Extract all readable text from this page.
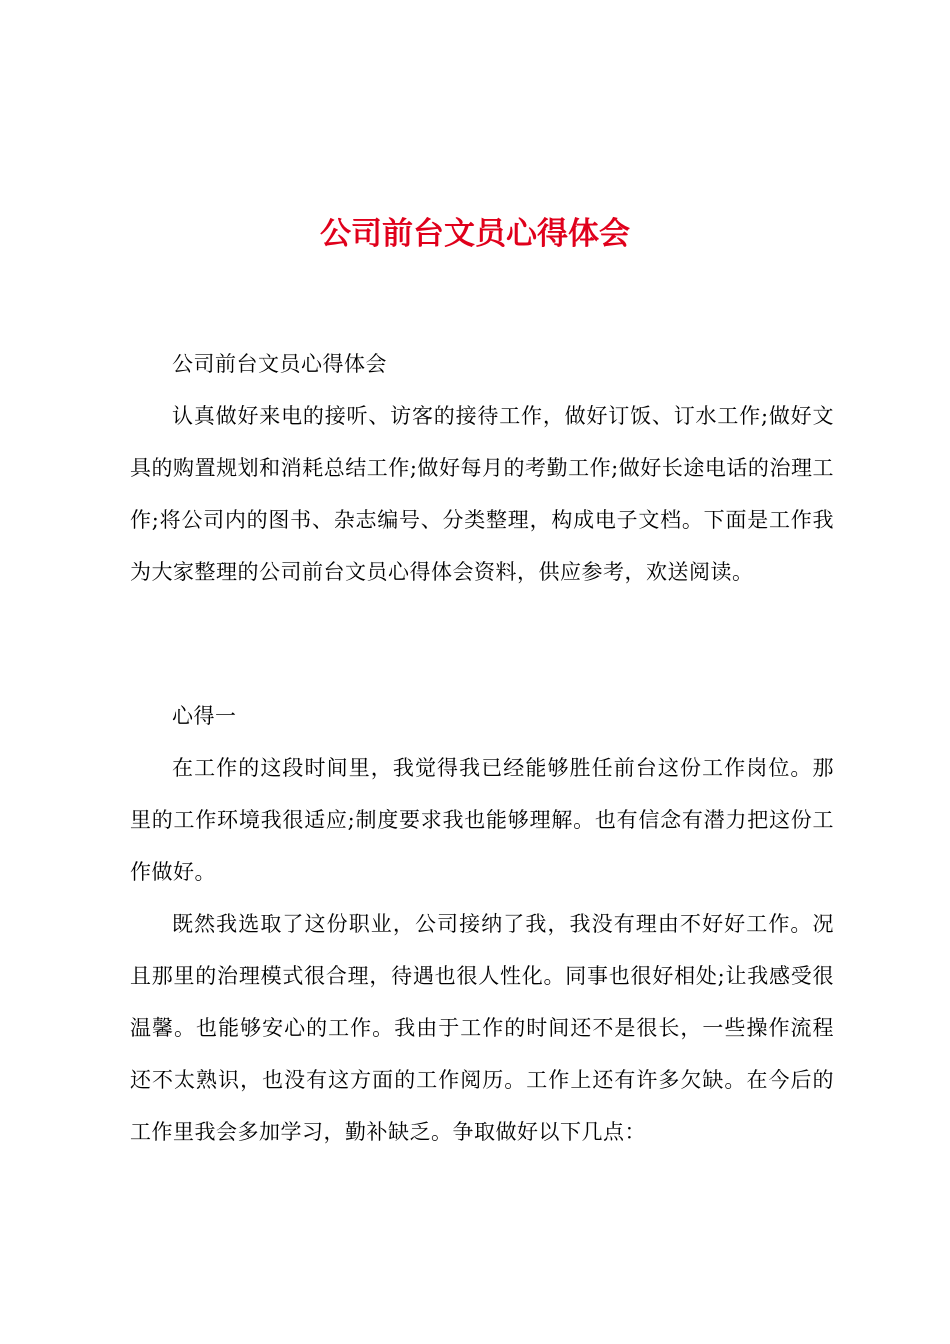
公司前台文员心得体会

公司前台文员心得体会

认真做好来电的接听、访客的接待工作，做好订饭、订水工作;做好文具的购置规划和消耗总结工作;做好每月的考勤工作;做好长途电话的治理工作;将公司内的图书、杂志编号、分类整理，构成电子文档。下面是工作我为大家整理的公司前台文员心得体会资料，供应参考，欢送阅读。

心得一

在工作的这段时间里，我觉得我已经能够胜任前台这份工作岗位。那里的工作环境我很适应;制度要求我也能够理解。也有信念有潜力把这份工作做好。

既然我选取了这份职业，公司接纳了我，我没有理由不好好工作。况且那里的治理模式很合理，待遇也很人性化。同事也很好相处;让我感受很温馨。也能够安心的工作。我由于工作的时间还不是很长，一些操作流程还不太熟识，也没有这方面的工作阅历。工作上还有许多欠缺。在今后的工作里我会多加学习，勤补缺乏。争取做好以下几点：
